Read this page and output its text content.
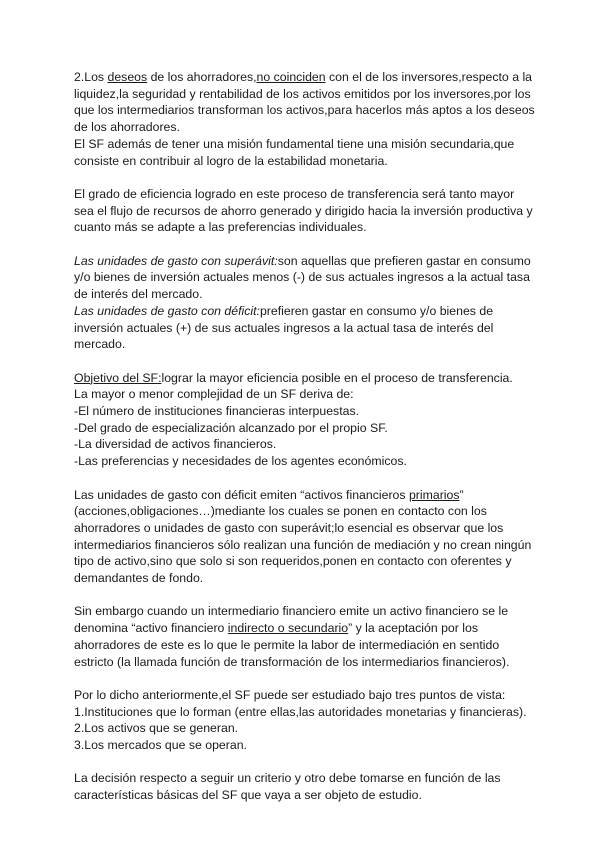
2.Los deseos de los ahorradores,no coinciden con el de los inversores,respecto a la
liquidez,la seguridad y rentabilidad de los activos emitidos por los inversores,por los
que los intermediarios transforman los activos,para hacerlos más aptos a los deseos
de los ahorradores.
El SF además de tener una misión fundamental tiene una misión secundaria,que
consiste en contribuir al logro de la estabilidad monetaria.

El grado de eficiencia logrado en este proceso de transferencia será tanto mayor
sea el flujo de recursos de ahorro generado y dirigido hacia la inversión productiva y
cuanto más se adapte a las preferencias individuales.

Las unidades de gasto con superávit:son aquellas que prefieren gastar en consumo
y/o bienes de inversión actuales menos (-) de sus actuales ingresos a la actual tasa
de interés del mercado.
Las unidades de gasto con déficit:prefieren gastar en consumo y/o bienes de
inversión actuales (+) de sus actuales ingresos a la actual tasa de interés del
mercado.

Objetivo del SF:lograr la mayor eficiencia posible en el proceso de transferencia.
La mayor o menor complejidad de un SF deriva de:
-El número de instituciones financieras interpuestas.
-Del grado de especialización alcanzado por el propio SF.
-La diversidad de activos financieros.
-Las preferencias y necesidades de los agentes económicos.

Las unidades de gasto con déficit emiten “activos financieros primarios”
(acciones,obligaciones…)mediante los cuales se ponen en contacto con los
ahorradores o unidades de gasto con superávit;lo esencial es observar que los
intermediarios financieros sólo realizan una función de mediación y no crean ningún
tipo de activo,sino que solo si son requeridos,ponen en contacto con oferentes y
demandantes de fondo.

Sin embargo cuando un intermediario financiero emite un activo financiero se le
denomina “activo financiero indirecto o secundario” y la aceptación por los
ahorradores de este es lo que le permite la labor de intermediación en sentido
estricto (la llamada función de transformación de los intermediarios financieros).

Por lo dicho anteriormente,el SF puede ser estudiado bajo tres puntos de vista:
1.Instituciones que lo forman (entre ellas,las autoridades monetarias y financieras).
2.Los activos que se generan.
3.Los mercados que se operan.

La decisión respecto a seguir un criterio y otro debe tomarse en función de las
características básicas del SF que vaya a ser objeto de estudio.
